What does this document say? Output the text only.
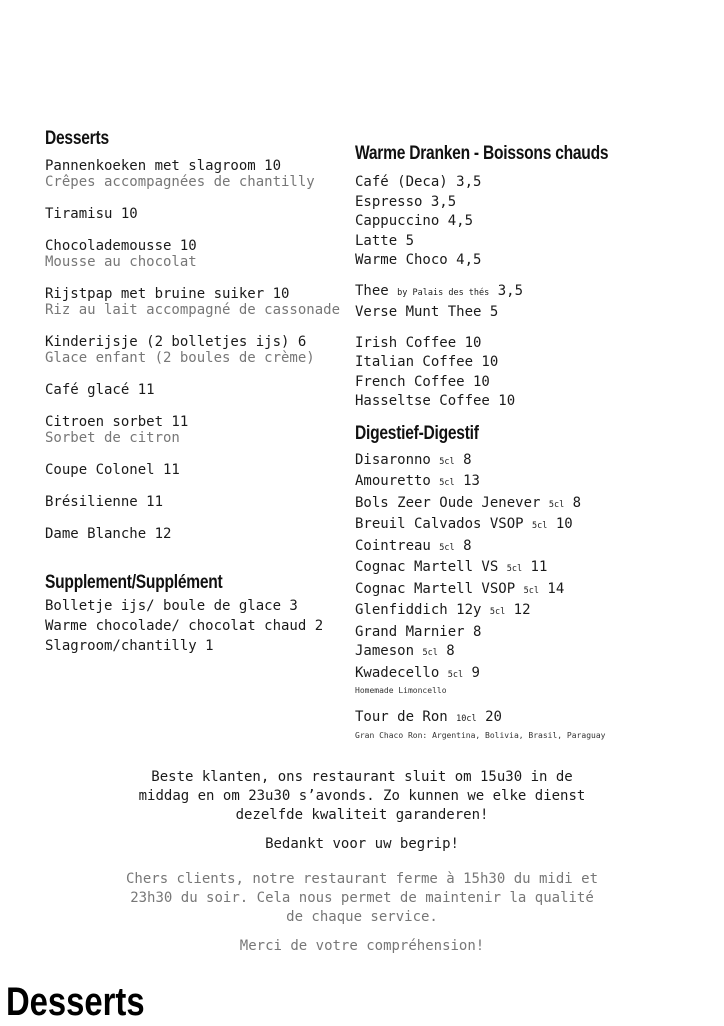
Desserts
Pannenkoeken met slagroom 10
Crêpes accompagnées de chantilly
Tiramisu 10
Chocolademousse 10
Mousse au chocolat
Rijstpap met bruine suiker 10
Riz au lait accompagné de cassonade
Kinderijsje (2 bolletjes ijs) 6
Glace enfant (2 boules de crème)
Café glacé 11
Citroen sorbet 11
Sorbet de citron
Coupe Colonel 11
Brésilienne 11
Dame Blanche 12
Supplement/Supplément
Bolletje ijs/ boule de glace 3
Warme chocolade/ chocolat chaud 2
Slagroom/chantilly 1
Warme Dranken - Boissons chauds
Café (Deca) 3,5
Espresso 3,5
Cappuccino 4,5
Latte 5
Warme Choco 4,5
Thee by Palais des thés 3,5
Verse Munt Thee 5
Irish Coffee 10
Italian Coffee 10
French Coffee 10
Hasseltse Coffee 10
Digestief-Digestif
Disaronno 5cl 8
Amouretto 5cl 13
Bols Zeer Oude Jenever 5cl 8
Breuil Calvados VSOP 5cl 10
Cointreau 5cl 8
Cognac Martell VS 5cl 11
Cognac Martell VSOP 5cl 14
Glenfiddich 12y 5cl 12
Grand Marnier 8
Jameson 5cl 8
Kwadecello 5cl 9
Homemade Limoncello
Tour de Ron 10cl 20
Gran Chaco Ron: Argentina, Bolivia, Brasil, Paraguay
Beste klanten, ons restaurant sluit om 15u30 in de
middag en om 23u30 s’avonds. Zo kunnen we elke dienst
dezelfde kwaliteit garanderen!
Bedankt voor uw begrip!
Chers clients, notre restaurant ferme à 15h30 du midi et
23h30 du soir. Cela nous permet de maintenir la qualité
de chaque service.
Merci de votre compréhension!
Desserts
